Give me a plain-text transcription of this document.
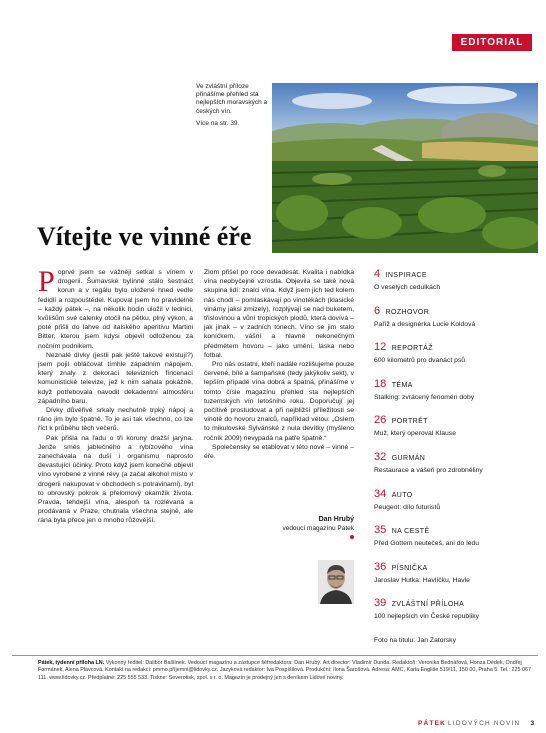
EDITORIAL
Ve zvláštní příloze přinášíme přehled sta nejlepších moravských a českých vín.
Více na str. 39.
Vítejte ve vinné éře

Poprvé jsem se vážněji setkal s vínem v drogerii. Šumavské bylinné stálo šestnáct korun a v regálu bylo uložené hned vedle fedidlí a rozpouštědel. Kupoval jsem ho pravidelně – každý pátek –, na několik hodin uložil v lednici, kvůlišům své calenky otočil na pětku, plný výkon, a poté přišli do lahve od italského aperitivu Martini Bitter, kterou jsem kdysi objevil odloženou za nočním podnikem.

Neznalé dívky (jestli pak ještě takové existují?) jsem pojil obláčovat tímhle západním nápojem, který znaly z dekorací televizních fíncenací komunistické televize, jež k nim sahala pokážně, když potřebovala navodit dekadentní atmosféru západního baru.

Dívky důvěřivé srkaly nechutně trpký nápoj a ráno jim bylo špatně. To je asi tak všechno, co lze říct k průběhu těch večerů.

Pak přišla na řadu o tři koruny dražší jarýna. Jenže směs jablečného a rybízového vína zanechávala na duši i organismu naprosto devastující účinky. Proto když jsem konečně objevil víno vyrobené z vinné révy (a začal alkohol místo v drogerii nakupovat v obchodech s potravinami), byl to obrovský pokrok a přelomový okamžik života. Pravda, tehdejší vína, alespoň ta rozlévaná a prodávaná v Praze, chutnala všechna stejně, ale rána byla přece jen o mnoho růžovější.

Zlom přišel po roce devadesát. Kvalita i nabídka vína neobyčejně vzrostla. Objevila se také nová skupina lidí: znalci vína. Když jsem jich ted kolem nás chodí – pomlaskávají po vinotékách (klasické vinárny jaksi zmizely), rozplývají se nad buketem, třislovinou a vůní tropických plodů, která dovívá – jak jinak – v zadních tónech. Víno se jim stalo koníčkem, vášní a hlavně nekonečným předmětem hovoru – jako umění, láska nebo fotbal.

Pro nás ostatní, kteří nadále rozlišujeme pouze červené, bílé a šampaňské (tedy jakýkoliv sekt), v lepším případě vína dobrá a špatná, přinášíme v tomto čísle magazínu přehled sta nejlepších tuzemských vín letošního roku. Doporučují jej počítivě prostudovat a při nejbližší příležitosti se vinotě do hovoru znalců, například větou: „Oslem to mikulovské Sylvánské z nula devítky (myšleno ročník 2009) nevypadá na patře špatně.“

Společensky se etablovat v této nové – vinné – éře.

Dan Hrubý
vedoucí magazínu Pátek
4 INSPIRACE
O veselých cedulkách
6 ROZHOVOR
Paříž a designérka Lucie Koldová
12 REPORTÁŽ
600 kilometrů pro dvanáct psů
18 TÉMA
Stalking: zvrácený fenomén doby
26 PORTRÉT
Muž, který operoval Klause
32 GURMÁN
Restaurace a vášeň pro zdrobněliny
34 AUTO
Peugeot: dílo futuristů
35 NA CESTĚ
Před Gottem neutečeš, ani do ledu
36 PÍSNIČKA
Jaroslav Hutka: Havlíčku, Havle
39 ZVLÁŠTNÍ PŘÍLOHA
100 nejlepších vín České republiky
Foto na titulu: Jan Zatorsky
Pátek, týdenní příloha LN. Vykonný ředitel: Dalibor Balšínek. Vedoucí magazínu a zástupce šéfredaktora: Dan Hrubý. Art director: Vladimír Dunda. Redaktoři: Veronika Bednářová, Honza Dědek, Ondřej Formánek, Alena Plavcová. Kontakt na redakci: pmmo.příjemni@lidovky.cz. Jazyková redaktor: Iva Pospíšilová. Produkční: Ilona Šarošová. Adresa: AMC, Karla Engliše 519/11, 150 00, Praha 5. Tel.: 225 067 111. www.lidovky.cz. Předplatné: 225 555 533. Tiskne: Severotisk, spol. s r. o. Magazín je prodejný jen s deníkem Lidové noviny.
PÁTEK LIDOVÝCH NOVIN 3
